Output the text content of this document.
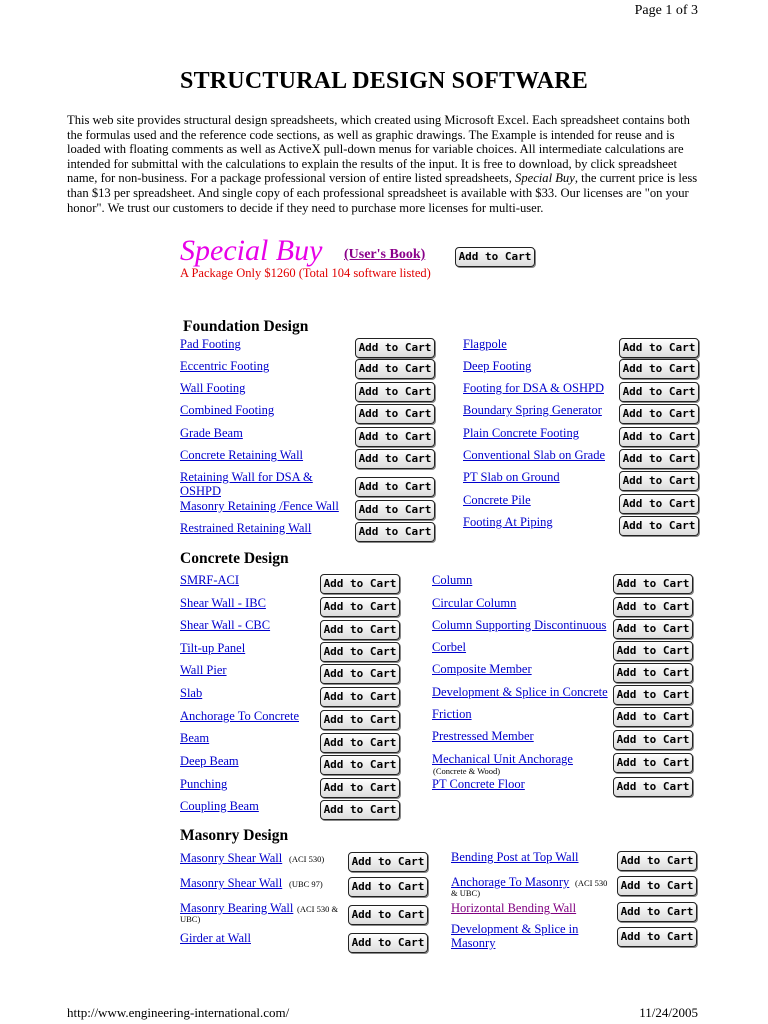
Page 1 of 3
STRUCTURAL DESIGN SOFTWARE
This web site provides structural design spreadsheets, which created using Microsoft Excel. Each spreadsheet contains both the formulas used and the reference code sections, as well as graphic drawings. The Example is intended for reuse and is loaded with floating comments as well as ActiveX pull-down menus for variable choices. All intermediate calculations are intended for submittal with the calculations to explain the results of the input. It is free to download, by click spreadsheet name, for non-business. For a package professional version of entire listed spreadsheets, Special Buy, the current price is less than $13 per spreadsheet. And single copy of each professional spreadsheet is available with $33. Our licenses are "on your honor". We trust our customers to decide if they need to purchase more licenses for multi-user.
Special Buy (User's Book)	Add to Cart
A Package Only $1260 (Total 104 software listed)
Foundation Design
Pad Footing	Add to Cart
Eccentric Footing	Add to Cart
Wall Footing	Add to Cart
Combined Footing	Add to Cart
Grade Beam	Add to Cart
Concrete Retaining Wall	Add to Cart
Retaining Wall for DSA & OSHPD	Add to Cart
Masonry Retaining /Fence Wall	Add to Cart
Restrained Retaining Wall	Add to Cart
Flagpole	Add to Cart
Deep Footing	Add to Cart
Footing for DSA & OSHPD	Add to Cart
Boundary Spring Generator	Add to Cart
Plain Concrete Footing	Add to Cart
Conventional Slab on Grade	Add to Cart
PT Slab on Ground	Add to Cart
Concrete Pile	Add to Cart
Footing At Piping	Add to Cart
Concrete Design
SMRF-ACI	Add to Cart
Shear Wall - IBC	Add to Cart
Shear Wall - CBC	Add to Cart
Tilt-up Panel	Add to Cart
Wall Pier	Add to Cart
Slab	Add to Cart
Anchorage To Concrete	Add to Cart
Beam	Add to Cart
Deep Beam	Add to Cart
Punching	Add to Cart
Coupling Beam	Add to Cart
Column	Add to Cart
Circular Column	Add to Cart
Column Supporting Discontinuous Add to Cart
Corbel	Add to Cart
Composite Member	Add to Cart
Development & Splice in Concrete Add to Cart
Friction	Add to Cart
Prestressed Member	Add to Cart
Mechanical Unit Anchorage
(Concrete & Wood)
Add to Cart
PT Concrete Floor	Add to Cart
Masonry Design
Masonry Shear Wall (ACI 530)	Add to Cart
Masonry Shear Wall (UBC 97)	Add to Cart
Masonry Bearing Wall (ACI 530 &
UBC)	Add to Cart
Girder at Wall	Add to Cart
Bending Post at Top Wall	Add to Cart
Anchorage To Masonry (ACI 530
& UBC)
Add to Cart
Horizontal Bending Wall	Add to Cart
Development & Splice in Masonry	Add to Cart
http://www.engineering-international.com/	11/24/2005
